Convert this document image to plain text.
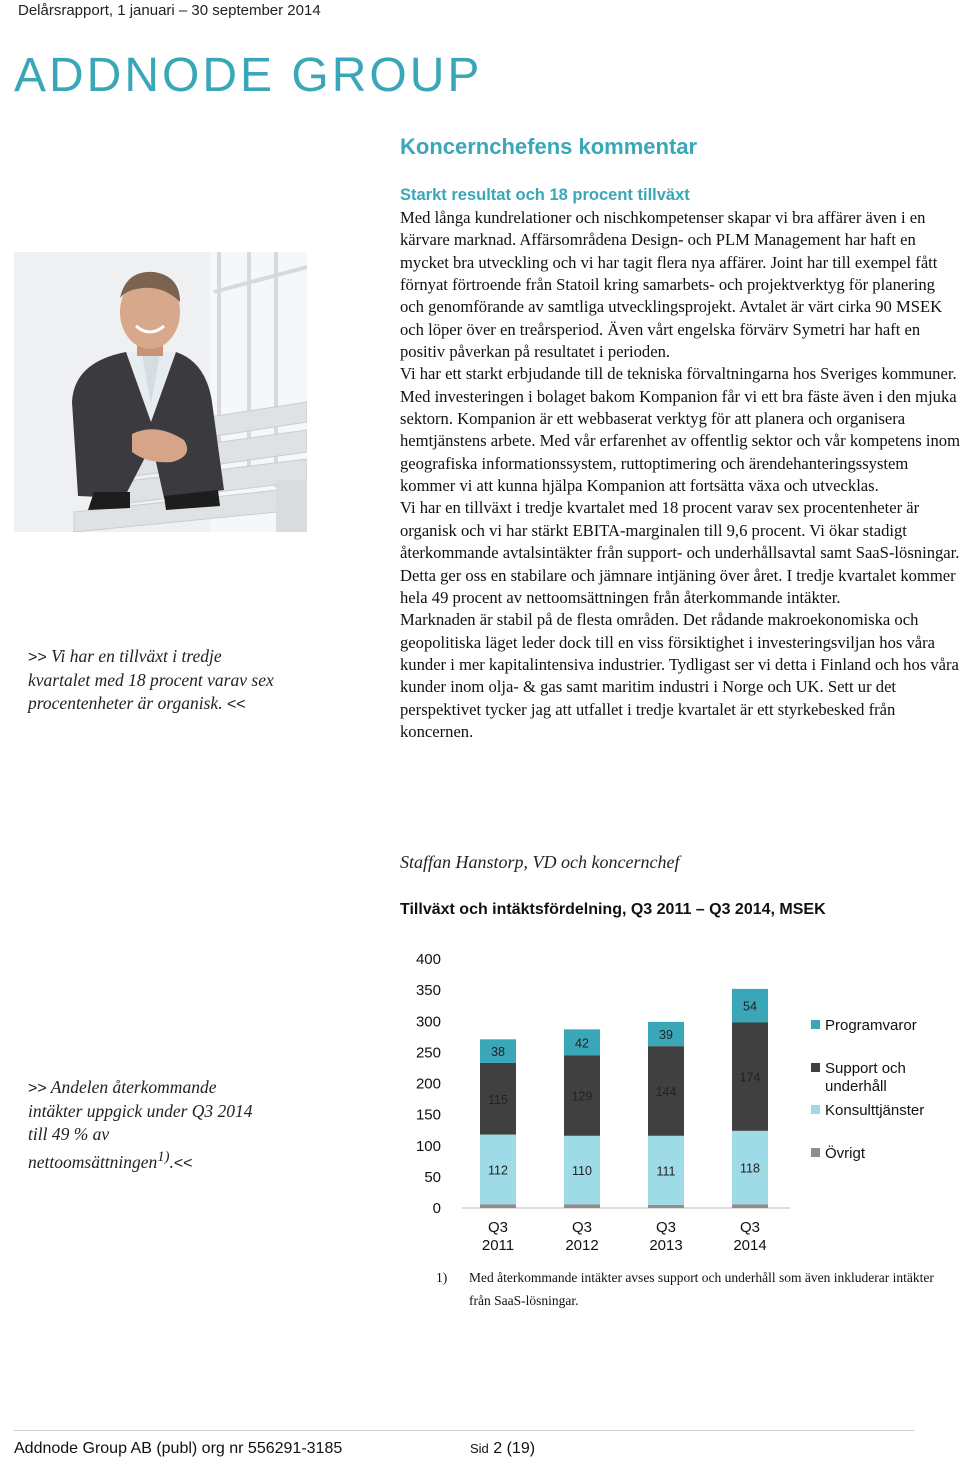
Delårsrapport, 1 januari – 30 september 2014
ADDNODE GROUP
>> Vi har en tillväxt i tredje kvartalet med 18 procent varav sex procentenheter är organisk. <<
Koncernchefens kommentar
Starkt resultat och 18 procent tillväxt

Med långa kundrelationer och nischkompetenser skapar vi bra affärer även i en kärvare marknad. Affärsområdena Design- och PLM Management har haft en mycket bra utveckling och vi har tagit flera nya affärer. Joint har till exempel fått förnyat förtroende från Statoil kring samarbets- och projektverktyg för planering och genomförande av samtliga utvecklingsprojekt. Avtalet är värt cirka 90 MSEK och löper över en treårsperiod. Även vårt engelska förvärv Symetri har haft en positiv påverkan på resultatet i perioden.

Vi har ett starkt erbjudande till de tekniska förvaltningarna hos Sveriges kommuner. Med investeringen i bolaget bakom Kompanion får vi ett bra fäste även i den mjuka sektorn. Kompanion är ett webbaserat verktyg för att planera och organisera hemtjänstens arbete. Med vår erfarenhet av offentlig sektor och vår kompetens inom geografiska informationssystem, ruttoptimering och ärendehanteringssystem kommer vi att kunna hjälpa Kompanion att fortsätta växa och utvecklas.

Vi har en tillväxt i tredje kvartalet med 18 procent varav sex procentenheter är organisk och vi har stärkt EBITA-marginalen till 9,6 procent. Vi ökar stadigt återkommande avtalsintäkter från support- och underhållsavtal samt SaaS-lösningar. Detta ger oss en stabilare och jämnare intjäning över året. I tredje kvartalet kommer hela 49 procent av nettoomsättningen från återkommande intäkter.

Marknaden är stabil på de flesta områden. Det rådande makroekonomiska och geopolitiska läget leder dock till en viss försiktighet i investeringsviljan hos våra kunder i mer kapitalintensiva industrier. Tydligast ser vi detta i Finland och hos våra kunder inom olja- & gas samt maritim industri i Norge och UK. Sett ur det perspektivet tycker jag att utfallet i tredje kvartalet är ett styrkebesked från koncernen.

Staffan Hanstorp, VD och koncernchef
Tillväxt och intäktsfördelning, Q3 2011 – Q3 2014, MSEK
>> Andelen återkommande intäkter uppgick under Q3 2014 till 49 % av nettoomsättningen$^{1)}$.<<
0
50
100
150
200
250
300
350
400
112
115
38
Q3
2011
110
129
42
Q3
2012
111
144
39
Q3
2013
118
174
54
Q3
2014
Programvaror
Support och underhåll
Konsulttjänster
Övrigt
1) Med återkommande intäkter avses support och underhåll som även inkluderar intäkter från SaaS-lösningar.
Addnode Group AB (publ) org nr 556291-3185	Sid 2 (19)
